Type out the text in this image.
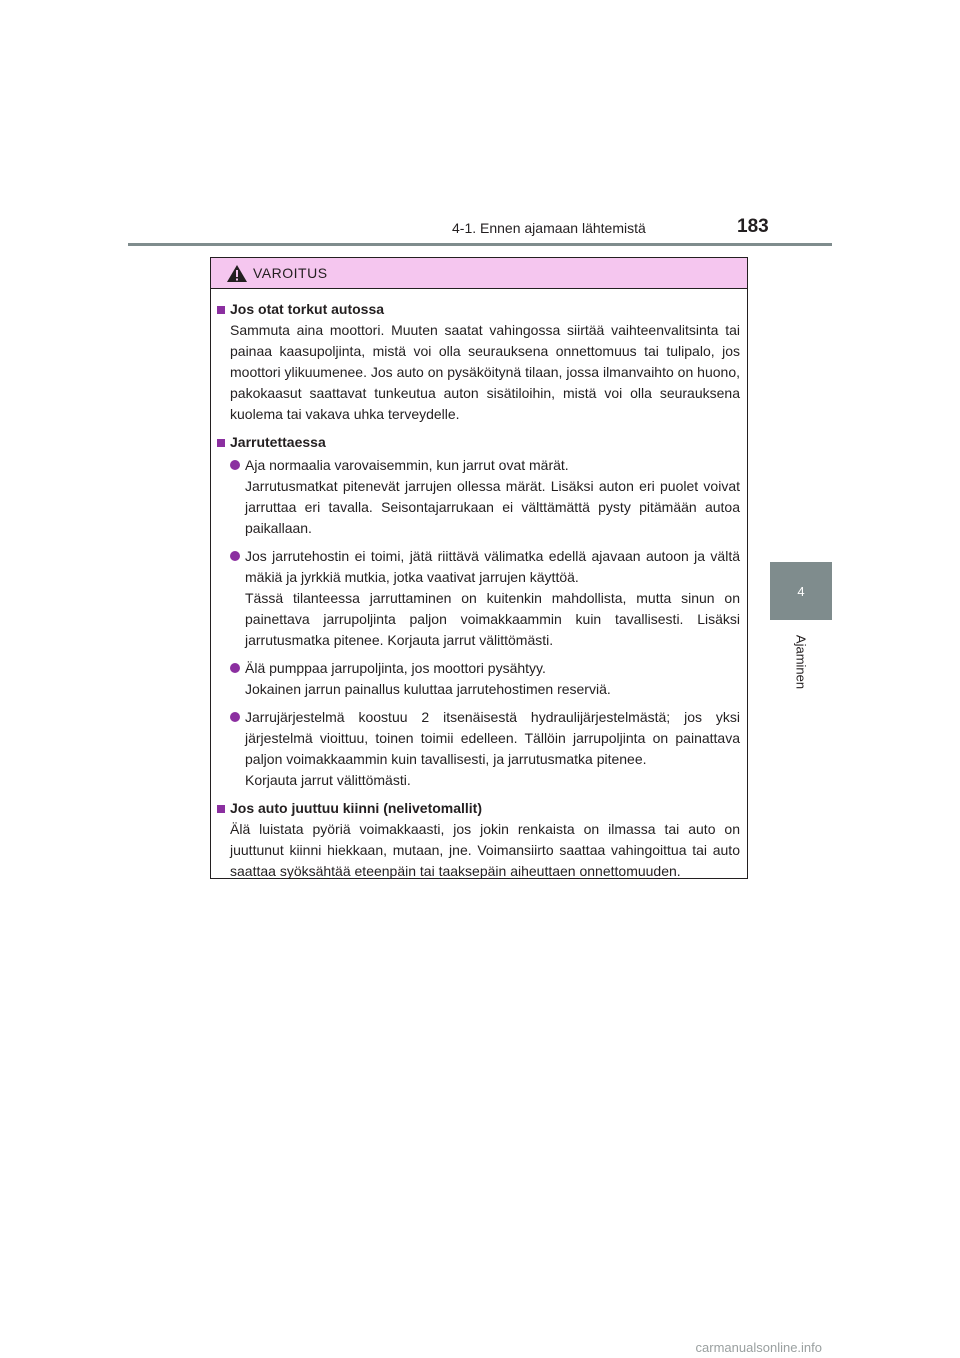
4-1. Ennen ajamaan lähtemistä	183
4
Ajaminen
VAROITUS
Jos otat torkut autossa

Sammuta aina moottori. Muuten saatat vahingossa siirtää vaihteenvalitsinta tai painaa kaasupoljinta, mistä voi olla seurauksena onnettomuus tai tulipalo, jos moottori ylikuumenee. Jos auto on pysäköitynä tilaan, jossa ilmanvaihto on huono, pakokaasut saattavat tunkeutua auton sisätiloihin, mistä voi olla seurauksena kuolema tai vakava uhka terveydelle.

Jarrutettaessa
Aja normaalia varovaisemmin, kun jarrut ovat märät.
Jarrutusmatkat pitenevät jarrujen ollessa märät. Lisäksi auton eri puolet voivat jarruttaa eri tavalla. Seisontajarrukaan ei välttämättä pysty pitämään autoa paikallaan.
Jos jarrutehostin ei toimi, jätä riittävä välimatka edellä ajavaan autoon ja vältä mäkiä ja jyrkkiä mutkia, jotka vaativat jarrujen käyttöä.
Tässä tilanteessa jarruttaminen on kuitenkin mahdollista, mutta sinun on painettava jarrupoljinta paljon voimakkaammin kuin tavallisesti. Lisäksi jarrutusmatka pitenee. Korjauta jarrut välittömästi.
Älä pumppaa jarrupoljinta, jos moottori pysähtyy.
Jokainen jarrun painallus kuluttaa jarrutehostimen reserviä.
Jarrujärjestelmä koostuu 2 itsenäisestä hydraulijärjestelmästä; jos yksi järjestelmä vioittuu, toinen toimii edelleen. Tällöin jarrupoljinta on painattava paljon voimakkaammin kuin tavallisesti, ja jarrutusmatka pitenee.
Korjauta jarrut välittömästi.
Jos auto juuttuu kiinni (nelivetomallit)

Älä luistata pyöriä voimakkaasti, jos jokin renkaista on ilmassa tai auto on juuttunut kiinni hiekkaan, mutaan, jne. Voimansiirto saattaa vahingoittua tai auto saattaa syöksähtää eteenpäin tai taaksepäin aiheuttaen onnettomuuden.

carmanualsonline.info
